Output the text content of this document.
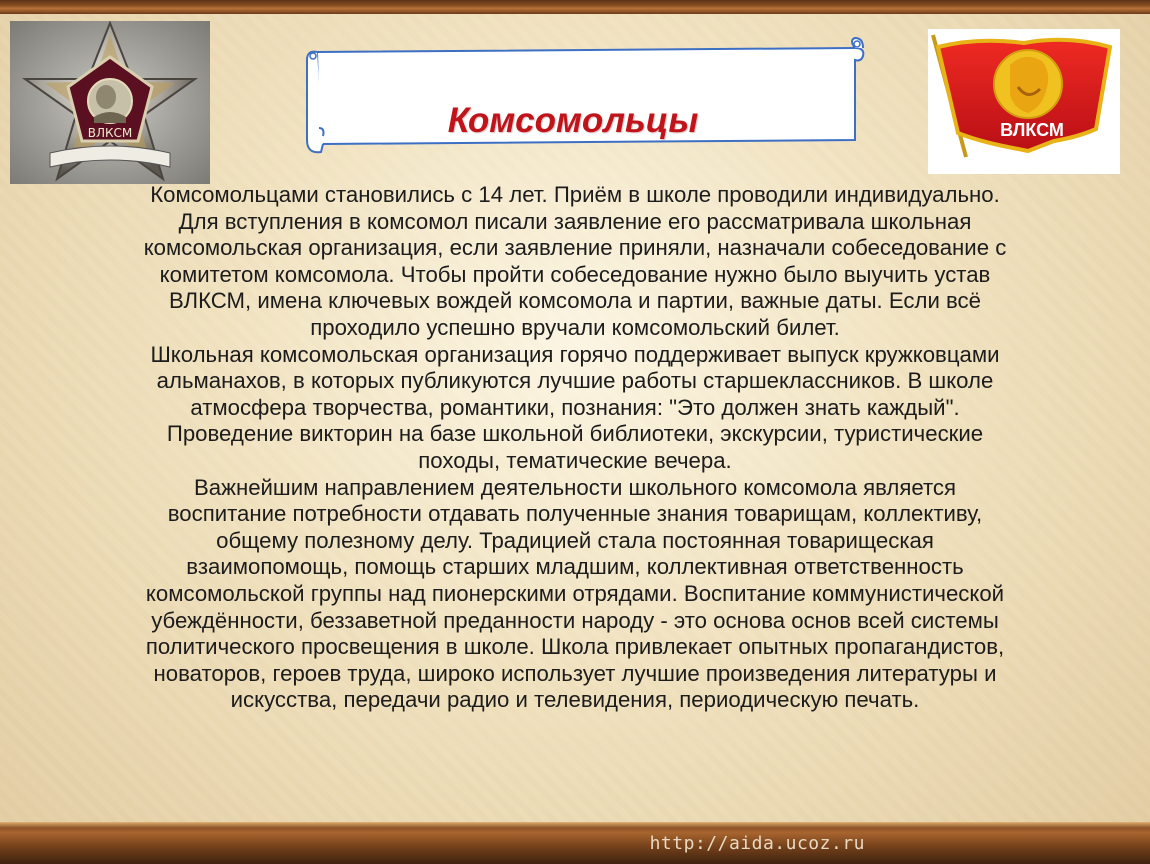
ВЛКСМ	Комсомольцы	ВЛКСМ

Комсомольцами становились с 14 лет. Приём в школе проводили индивидуально.
Для вступления в комсомол писали заявление его рассматривала школьная
комсомольская организация, если заявление приняли, назначали собеседование с
комитетом комсомола. Чтобы пройти собеседование нужно было выучить устав
ВЛКСМ, имена ключевых вождей комсомола и партии, важные даты. Если всё
проходило успешно вручали комсомольский билет.

Школьная комсомольская организация горячо поддерживает выпуск кружковцами
альманахов, в которых публикуются лучшие работы старшеклассников. В школе
атмосфера творчества, романтики, познания: "Это должен знать каждый".
Проведение викторин на базе школьной библиотеки, экскурсии, туристические
походы, тематические вечера.

Важнейшим направлением деятельности школьного комсомола является
воспитание потребности отдавать полученные знания товарищам, коллективу,
общему полезному делу. Традицией стала постоянная товарищеская
взаимопомощь, помощь старших младшим, коллективная ответственность
комсомольской группы над пионерскими отрядами. Воспитание коммунистической
убеждённости, беззаветной преданности народу - это основа основ всей системы
политического просвещения в школе. Школа привлекает опытных пропагандистов,
новаторов, героев труда, широко использует лучшие произведения литературы и
искусства, передачи радио и телевидения, периодическую печать.

http://aida.ucoz.ru
